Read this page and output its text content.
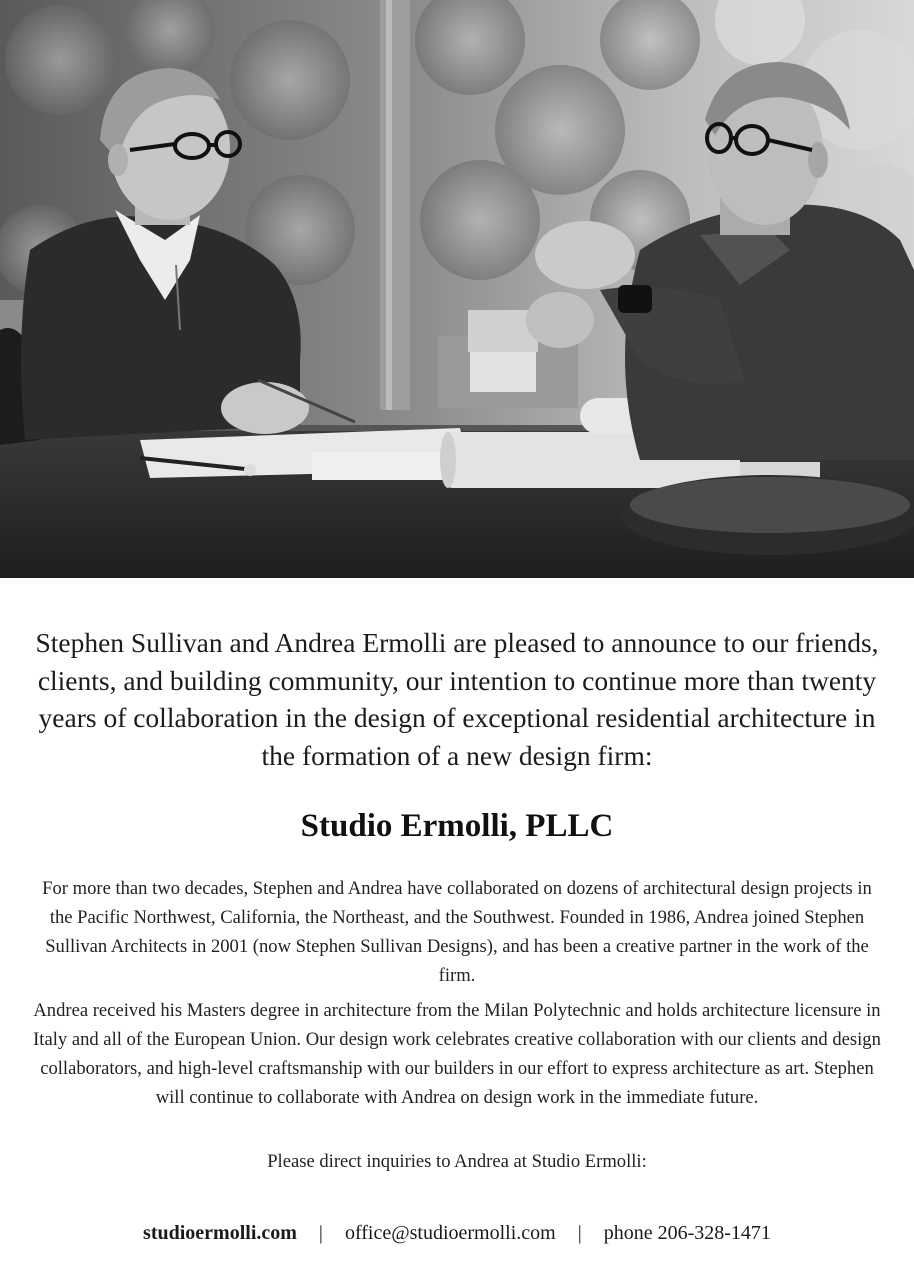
Stephen Sullivan and Andrea Ermolli are pleased to announce to our friends, clients, and building community, our intention to continue more than twenty years of collaboration in the design of exceptional residential architecture in the formation of a new design firm:

Studio Ermolli, PLLC

For more than two decades, Stephen and Andrea have collaborated on dozens of architectural design projects in the Pacific Northwest, California, the Northeast, and the Southwest. Founded in 1986, Andrea joined Stephen Sullivan Architects in 2001 (now Stephen Sullivan Designs), and has been a creative partner in the work of the firm.

Andrea received his Masters degree in architecture from the Milan Polytechnic and holds architecture licensure in Italy and all of the European Union. Our design work celebrates creative collaboration with our clients and design collaborators, and high-level craftsmanship with our builders in our effort to express architecture as art. Stephen will continue to collaborate with Andrea on design work in the immediate future.

Please direct inquiries to Andrea at Studio Ermolli:

studioermolli.com	|	office@studioermolli.com	|	phone 206-328-1471
